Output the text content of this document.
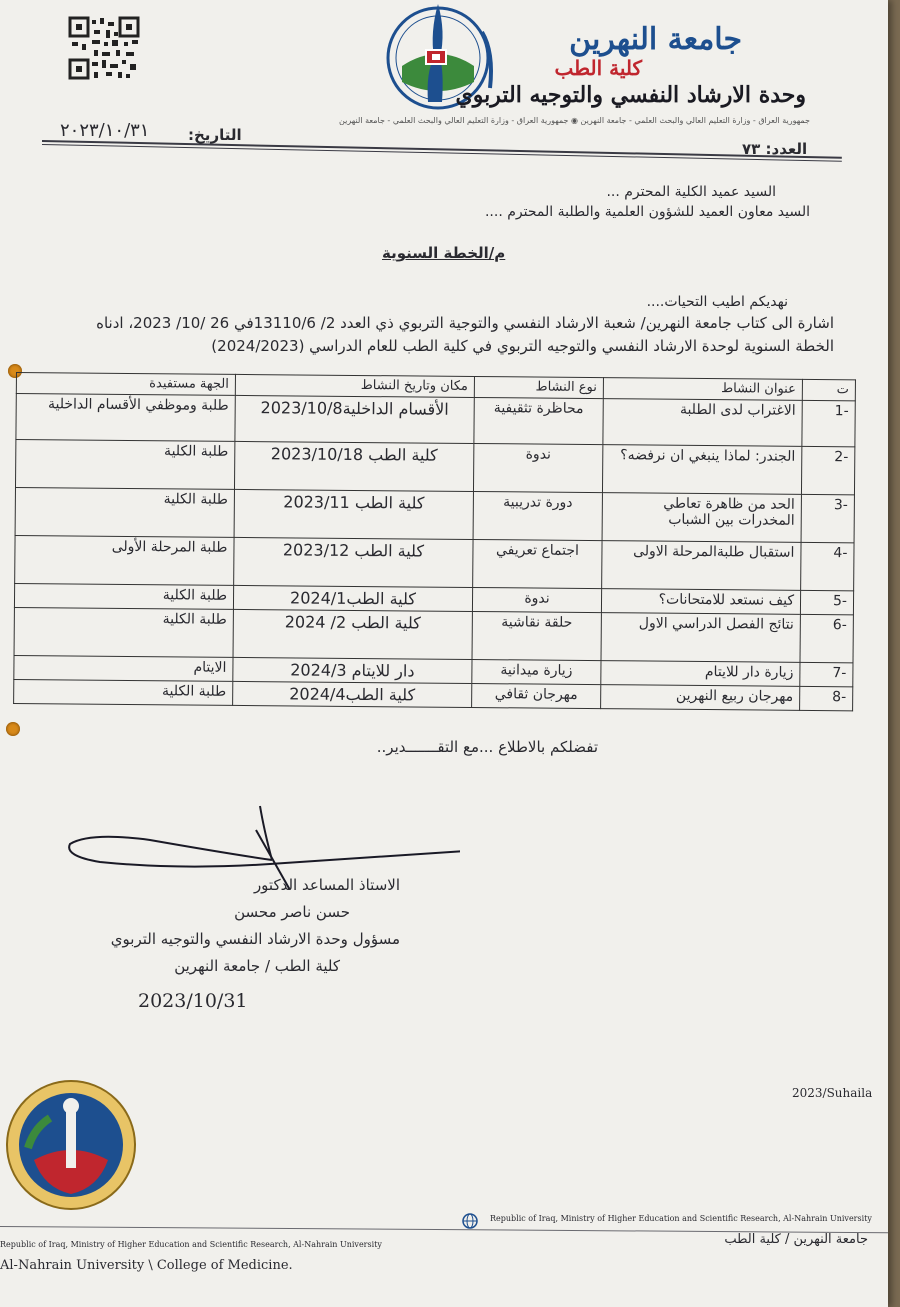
جامعة النهرين
كلية الطب
وحدة الارشاد النفسي والتوجيه التربوي
جمهورية العراق - وزارة التعليم العالي والبحث العلمي - جامعة النهرين ◉ جمهورية العراق - وزارة التعليم العالي والبحث العلمي - جامعة النهرين
التاريخ:
٢٠٢٣/١٠/٣١
العدد: ٧٣
السيد عميد الكلية المحترم ...
السيد معاون العميد للشؤون العلمية والطلبة المحترم ....
م/الخطة السنوية
نهديكم اطيب التحيات....
اشارة الى كتاب جامعة النهرين/ شعبة الارشاد النفسي والتوجية التربوي ذي العدد 2/ 13110/6في 26 /10/ 2023، ادناه الخطة السنوية لوحدة الارشاد النفسي والتوجيه التربوي في كلية الطب للعام الدراسي (2024/2023)
ت	عنوان النشاط	نوع النشاط	مكان وتاريخ النشاط	الجهة مستفيدة
-1	الاغتراب لدى الطلبة	محاظرة تثقيفية	الأقسام الداخلية2023/10/8	طلبة وموظفي الأقسام الداخلية
-2	الجندر: لماذا ينبغي ان نرفضه؟	ندوة	كلية الطب 2023/10/18	طلبة الكلية
-3	الحد من ظاهرة تعاطي المخدرات بين الشباب	دورة تدريبية	كلية الطب 2023/11	طلبة الكلية
-4	استقبال طلبةالمرحلة الاولى	اجتماع تعريفي	كلية الطب 2023/12	طلبة المرحلة الأولى
-5	كيف نستعد للامتحانات؟	ندوة	كلية الطب2024/1	طلبة الكلية
-6	نتائج الفصل الدراسي الاول	حلقة نقاشية	كلية الطب 2/ 2024	طلبة الكلية
-7	زيارة دار للايتام	زيارة ميدانية	دار للايتام 2024/3	الايتام
-8	مهرجان ربيع النهرين	مهرجان ثقافي	كلية الطب2024/4	طلبة الكلية
تفضلكم بالاطلاع ...مع التقـــــــدير..
الاستاذ المساعد الدكتور
حسن ناصر محسن
مسؤول وحدة الارشاد النفسي والتوجيه التربوي
كلية الطب / جامعة النهرين
2023/10/31
2023/Suhaila
Republic of Iraq, Ministry of Higher Education and Scientific Research, Al-Nahrain University
Republic of Iraq, Ministry of Higher Education and Scientific Research, Al-Nahrain University
جامعة النهرين / كلية الطب
Al-Nahrain University \ College of Medicine.
